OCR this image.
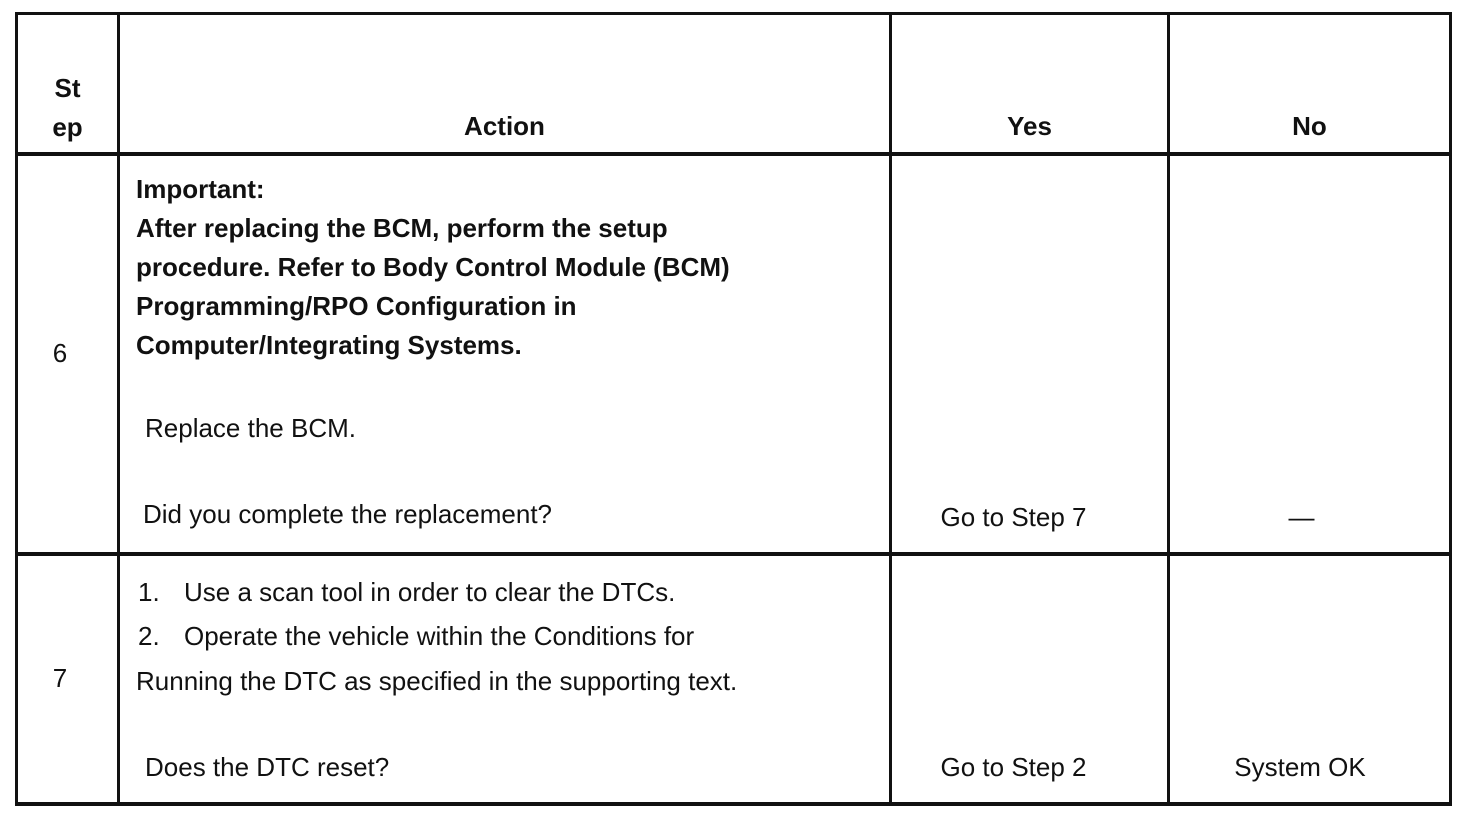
St
ep	Action	Yes	No
6
Important:
After replacing the BCM, perform the setup
procedure. Refer to Body Control Module (BCM)
Programming/RPO Configuration in
Computer/Integrating Systems.
Replace the BCM.
Did you complete the replacement?	Go to Step 7	—
7
1. Use a scan tool in order to clear the DTCs.
2. Operate the vehicle within the Conditions for
Running the DTC as specified in the supporting text.
Does the DTC reset?	Go to Step 2	System OK
